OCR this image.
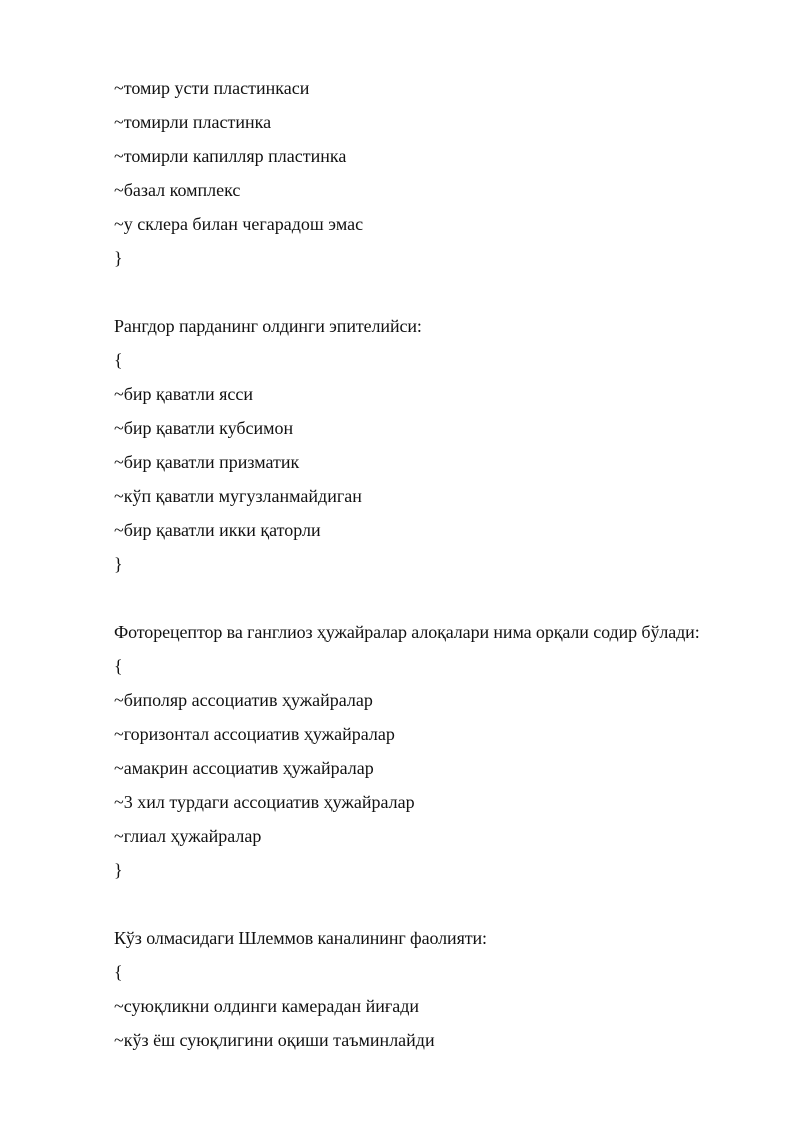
~томир усти пластинкаси
~томирли пластинка
~томирли капилляр пластинка
~базал комплекс
~у склера билан чегарадош эмас
}
Рангдор парданинг олдинги эпителийси:
{
~бир қаватли ясси
~бир қаватли кубсимон
~бир қаватли призматик
~кўп қаватли мугузланмайдиган
~бир қаватли икки қаторли
}
Фоторецептор ва ганглиоз ҳужайралар алоқалари нима орқали содир бўлади:
{
~биполяр ассоциатив ҳужайралар
~горизонтал ассоциатив ҳужайралар
~амакрин ассоциатив ҳужайралар
~3 хил турдаги ассоциатив ҳужайралар
~глиал ҳужайралар
}
Кўз олмасидаги Шлеммов каналининг фаолияти:
{
~суюқликни олдинги камерадан йиғади
~кўз ёш суюқлигини оқиши таъминлайди
